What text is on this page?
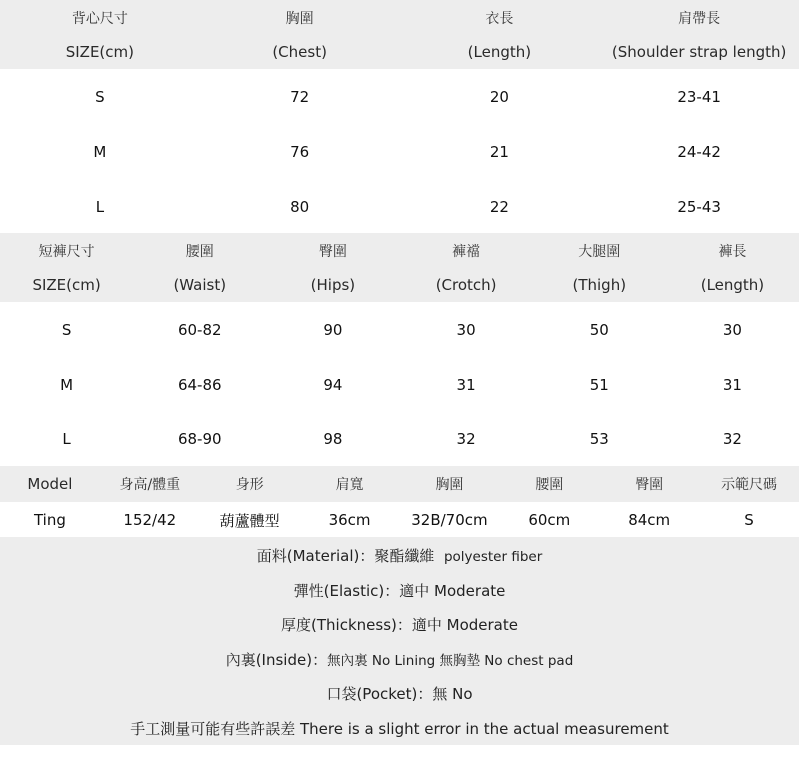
背心尺寸	胸圍	衣長	肩帶長
SIZE(cm)	(Chest)	(Length)	(Shoulder strap length)
S	72	20	23-41
M	76	21	24-42
L	80	22	25-43
短褲尺寸	腰圍	臀圍	褲襠	大腿圍	褲長
SIZE(cm)	(Waist)	(Hips)	(Crotch)	(Thigh)	(Length)
S	60-82	90	30	50	30
M	64-86	94	31	51	31
L	68-90	98	32	53	32
Model	身高/體重	身形	肩寬	胸圍	腰圍	臀圍	示範尺碼
Ting	152/42	葫蘆體型	36cm	32B/70cm	60cm	84cm	S
面料(Material)：聚酯纖維 polyester fiber
彈性(Elastic)：適中 Moderate
厚度(Thickness)：適中 Moderate
內裏(Inside)：無內裏 No Lining 無胸墊 No chest pad
口袋(Pocket)：無 No
手工測量可能有些許誤差 There is a slight error in the actual measurement
